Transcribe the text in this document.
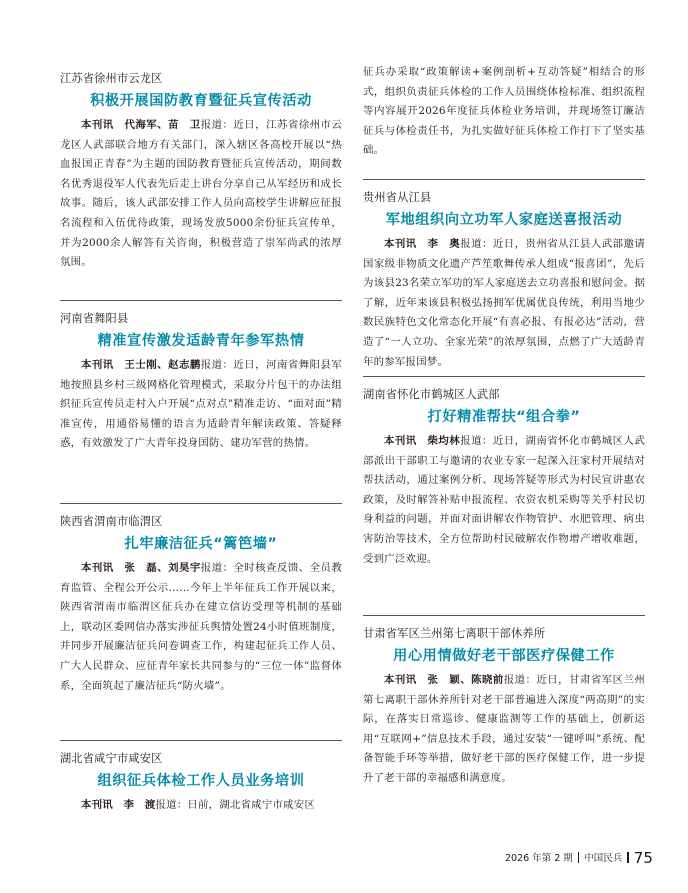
江苏省徐州市云龙区

积极开展国防教育暨征兵宣传活动

本刊讯　代海军、苗　卫报道：近日，江苏省徐州市云龙区人武部联合地方有关部门，深入辖区各高校开展以“热血报国正青春”为主题的国防教育暨征兵宣传活动，期间数名优秀退役军人代表先后走上讲台分享自己从军经历和成长故事。随后，该人武部安排工作人员向高校学生讲解应征报名流程和入伍优待政策，现场发放5000余份征兵宣传单，并为2000余人解答有关咨询，积极营造了崇军尚武的浓厚氛围。

河南省舞阳县

精准宣传激发适龄青年参军热情

本刊讯　王士刚、赵志鹏报道：近日，河南省舞阳县军地按照县乡村三级网格化管理模式，采取分片包干的办法组织征兵宣传员走村入户开展“点对点”精准走访、“面对面”精准宣传，用通俗易懂的语言为适龄青年解读政策、答疑释惑，有效激发了广大青年投身国防、建功军营的热情。

陕西省渭南市临渭区

扎牢廉洁征兵“篱笆墙”

本刊讯　张　磊、刘昊宇报道：全时核查反馈、全员教育监管、全程公开公示……今年上半年征兵工作开展以来，陕西省渭南市临渭区征兵办在建立信访受理等机制的基础上，联动区委网信办落实涉征兵舆情处置24小时值班制度，并同步开展廉洁征兵问卷调查工作，构建起征兵工作人员、广大人民群众、应征青年家长共同参与的“三位一体”监督体系，全面筑起了廉洁征兵“防火墙”。

湖北省咸宁市咸安区

组织征兵体检工作人员业务培训

本刊讯　李　渡报道：日前，湖北省咸宁市咸安区

征兵办采取“政策解读+案例剖析+互动答疑”相结合的形式，组织负责征兵体检的工作人员围绕体检标准、组织流程等内容展开2026年度征兵体检业务培训，并现场签订廉洁征兵与体检责任书，为扎实做好征兵体检工作打下了坚实基础。

贵州省从江县

军地组织向立功军人家庭送喜报活动

本刊讯　李　奥报道：近日，贵州省从江县人武部邀请国家级非物质文化遗产芦笙歌舞传承人组成“报喜团”，先后为该县23名荣立军功的军人家庭送去立功喜报和慰问金。据了解，近年来该县积极弘扬拥军优属优良传统，利用当地少数民族特色文化常态化开展“有喜必报、有报必达”活动，营造了“一人立功、全家光荣”的浓厚氛围，点燃了广大适龄青年的参军报国梦。

湖南省怀化市鹤城区人武部

打好精准帮扶“组合拳”

本刊讯　柴均林报道：近日，湖南省怀化市鹤城区人武部派出干部职工与邀请的农业专家一起深入汪家村开展结对帮扶活动，通过案例分析、现场答疑等形式为村民宣讲惠农政策，及时解答补贴申报流程、农资农机采购等关乎村民切身利益的问题，并面对面讲解农作物管护、水肥管理、病虫害防治等技术，全方位帮助村民破解农作物增产增收难题，受到广泛欢迎。

甘肃省军区兰州第七离职干部休养所

用心用情做好老干部医疗保健工作

本刊讯　张　颖、陈晓前报道：近日，甘肃省军区兰州第七离职干部休养所针对老干部普遍进入深度“两高期”的实际，在落实日常巡诊、健康监测等工作的基础上，创新运用“互联网+”信息技术手段，通过安装“一键呼叫”系统、配备智能手环等举措，做好老干部的医疗保健工作，进一步提升了老干部的幸福感和满意度。

2026 年第 2 期 中国民兵 75
